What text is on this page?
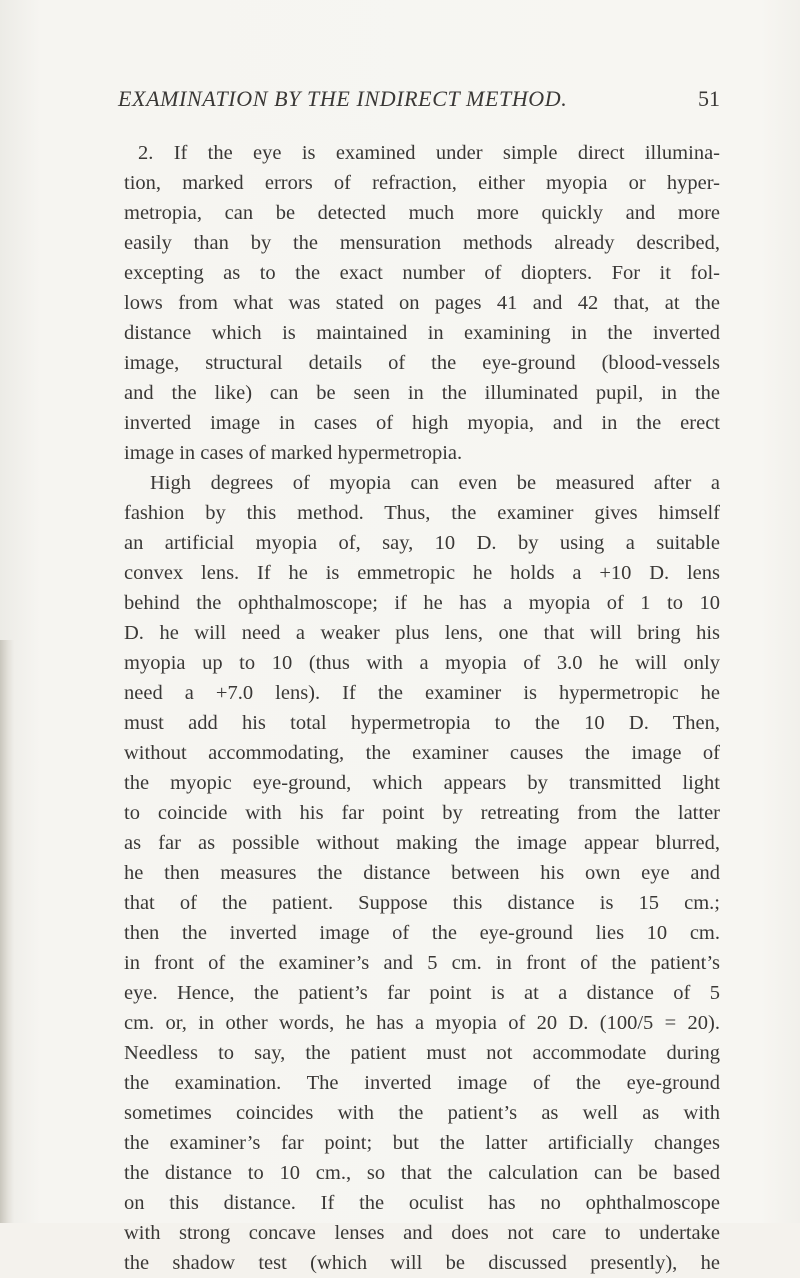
EXAMINATION BY THE INDIRECT METHOD.	51
2. If the eye is examined under simple direct illumina-
tion, marked errors of refraction, either myopia or hyper-
metropia, can be detected much more quickly and more
easily than by the mensuration methods already described,
excepting as to the exact number of diopters. For it fol-
lows from what was stated on pages 41 and 42 that, at the
distance which is maintained in examining in the inverted
image, structural details of the eye-ground (blood-vessels
and the like) can be seen in the illuminated pupil, in the
inverted image in cases of high myopia, and in the erect
image in cases of marked hypermetropia.
High degrees of myopia can even be measured after a
fashion by this method. Thus, the examiner gives himself
an artificial myopia of, say, 10 D. by using a suitable
convex lens. If he is emmetropic he holds a +10 D. lens
behind the ophthalmoscope; if he has a myopia of 1 to 10
D. he will need a weaker plus lens, one that will bring his
myopia up to 10 (thus with a myopia of 3.0 he will only
need a +7.0 lens). If the examiner is hypermetropic he
must add his total hypermetropia to the 10 D. Then,
without accommodating, the examiner causes the image of
the myopic eye-ground, which appears by transmitted light
to coincide with his far point by retreating from the latter
as far as possible without making the image appear blurred,
he then measures the distance between his own eye and
that of the patient. Suppose this distance is 15 cm.;
then the inverted image of the eye-ground lies 10 cm.
in front of the examiner’s and 5 cm. in front of the patient’s
eye. Hence, the patient’s far point is at a distance of 5
cm. or, in other words, he has a myopia of 20 D. (100/5 = 20).
Needless to say, the patient must not accommodate during
the examination. The inverted image of the eye-ground
sometimes coincides with the patient’s as well as with
the examiner’s far point; but the latter artificially changes
the distance to 10 cm., so that the calculation can be based
on this distance. If the oculist has no ophthalmoscope
with strong concave lenses and does not care to undertake
the shadow test (which will be discussed presently), he
